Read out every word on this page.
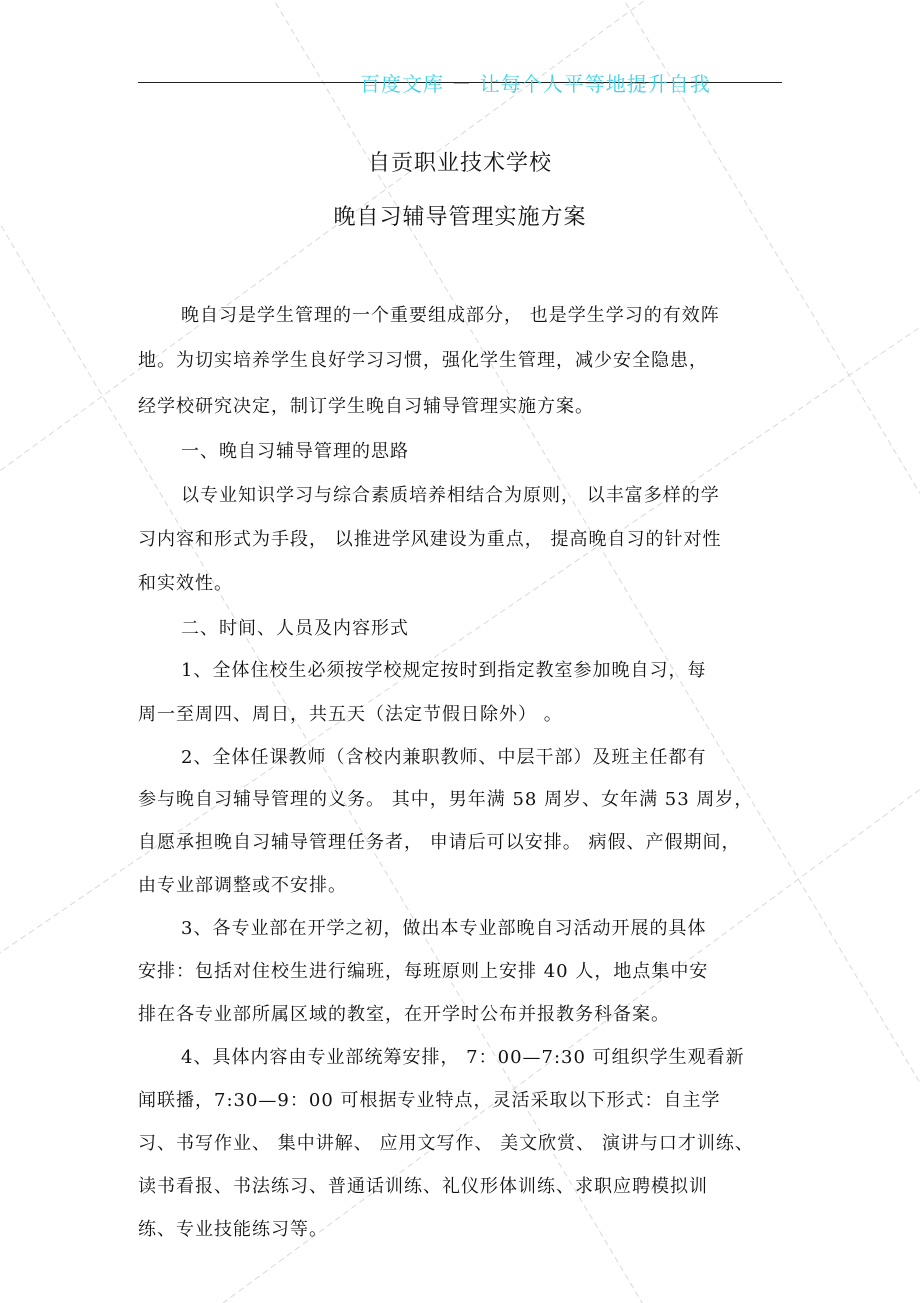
百度文库 － 让每个人平等地提升自我
自贡职业技术学校
晚自习辅导管理实施方案
晚自习是学生管理的一个重要组成部分， 也是学生学习的有效阵
地。为切实培养学生良好学习习惯，强化学生管理，减少安全隐患，
经学校研究决定，制订学生晚自习辅导管理实施方案。
一、晚自习辅导管理的思路
以专业知识学习与综合素质培养相结合为原则， 以丰富多样的学
习内容和形式为手段， 以推进学风建设为重点， 提高晚自习的针对性
和实效性。
二、时间、人员及内容形式
1、全体住校生必须按学校规定按时到指定教室参加晚自习，每
周一至周四、周日，共五天（法定节假日除外） 。
2、全体任课教师（含校内兼职教师、中层干部）及班主任都有
参与晚自习辅导管理的义务。 其中，男年满 58 周岁、女年满 53 周岁，
自愿承担晚自习辅导管理任务者， 申请后可以安排。 病假、产假期间，
由专业部调整或不安排。
3、各专业部在开学之初，做出本专业部晚自习活动开展的具体
安排：包括对住校生进行编班，每班原则上安排 40 人，地点集中安
排在各专业部所属区域的教室，在开学时公布并报教务科备案。
4、具体内容由专业部统筹安排， 7：00—7:30 可组织学生观看新
闻联播，7:30—9：00 可根据专业特点，灵活采取以下形式：自主学
习、书写作业、 集中讲解、 应用文写作、 美文欣赏、 演讲与口才训练、
读书看报、书法练习、普通话训练、礼仪形体训练、求职应聘模拟训
练、专业技能练习等。
